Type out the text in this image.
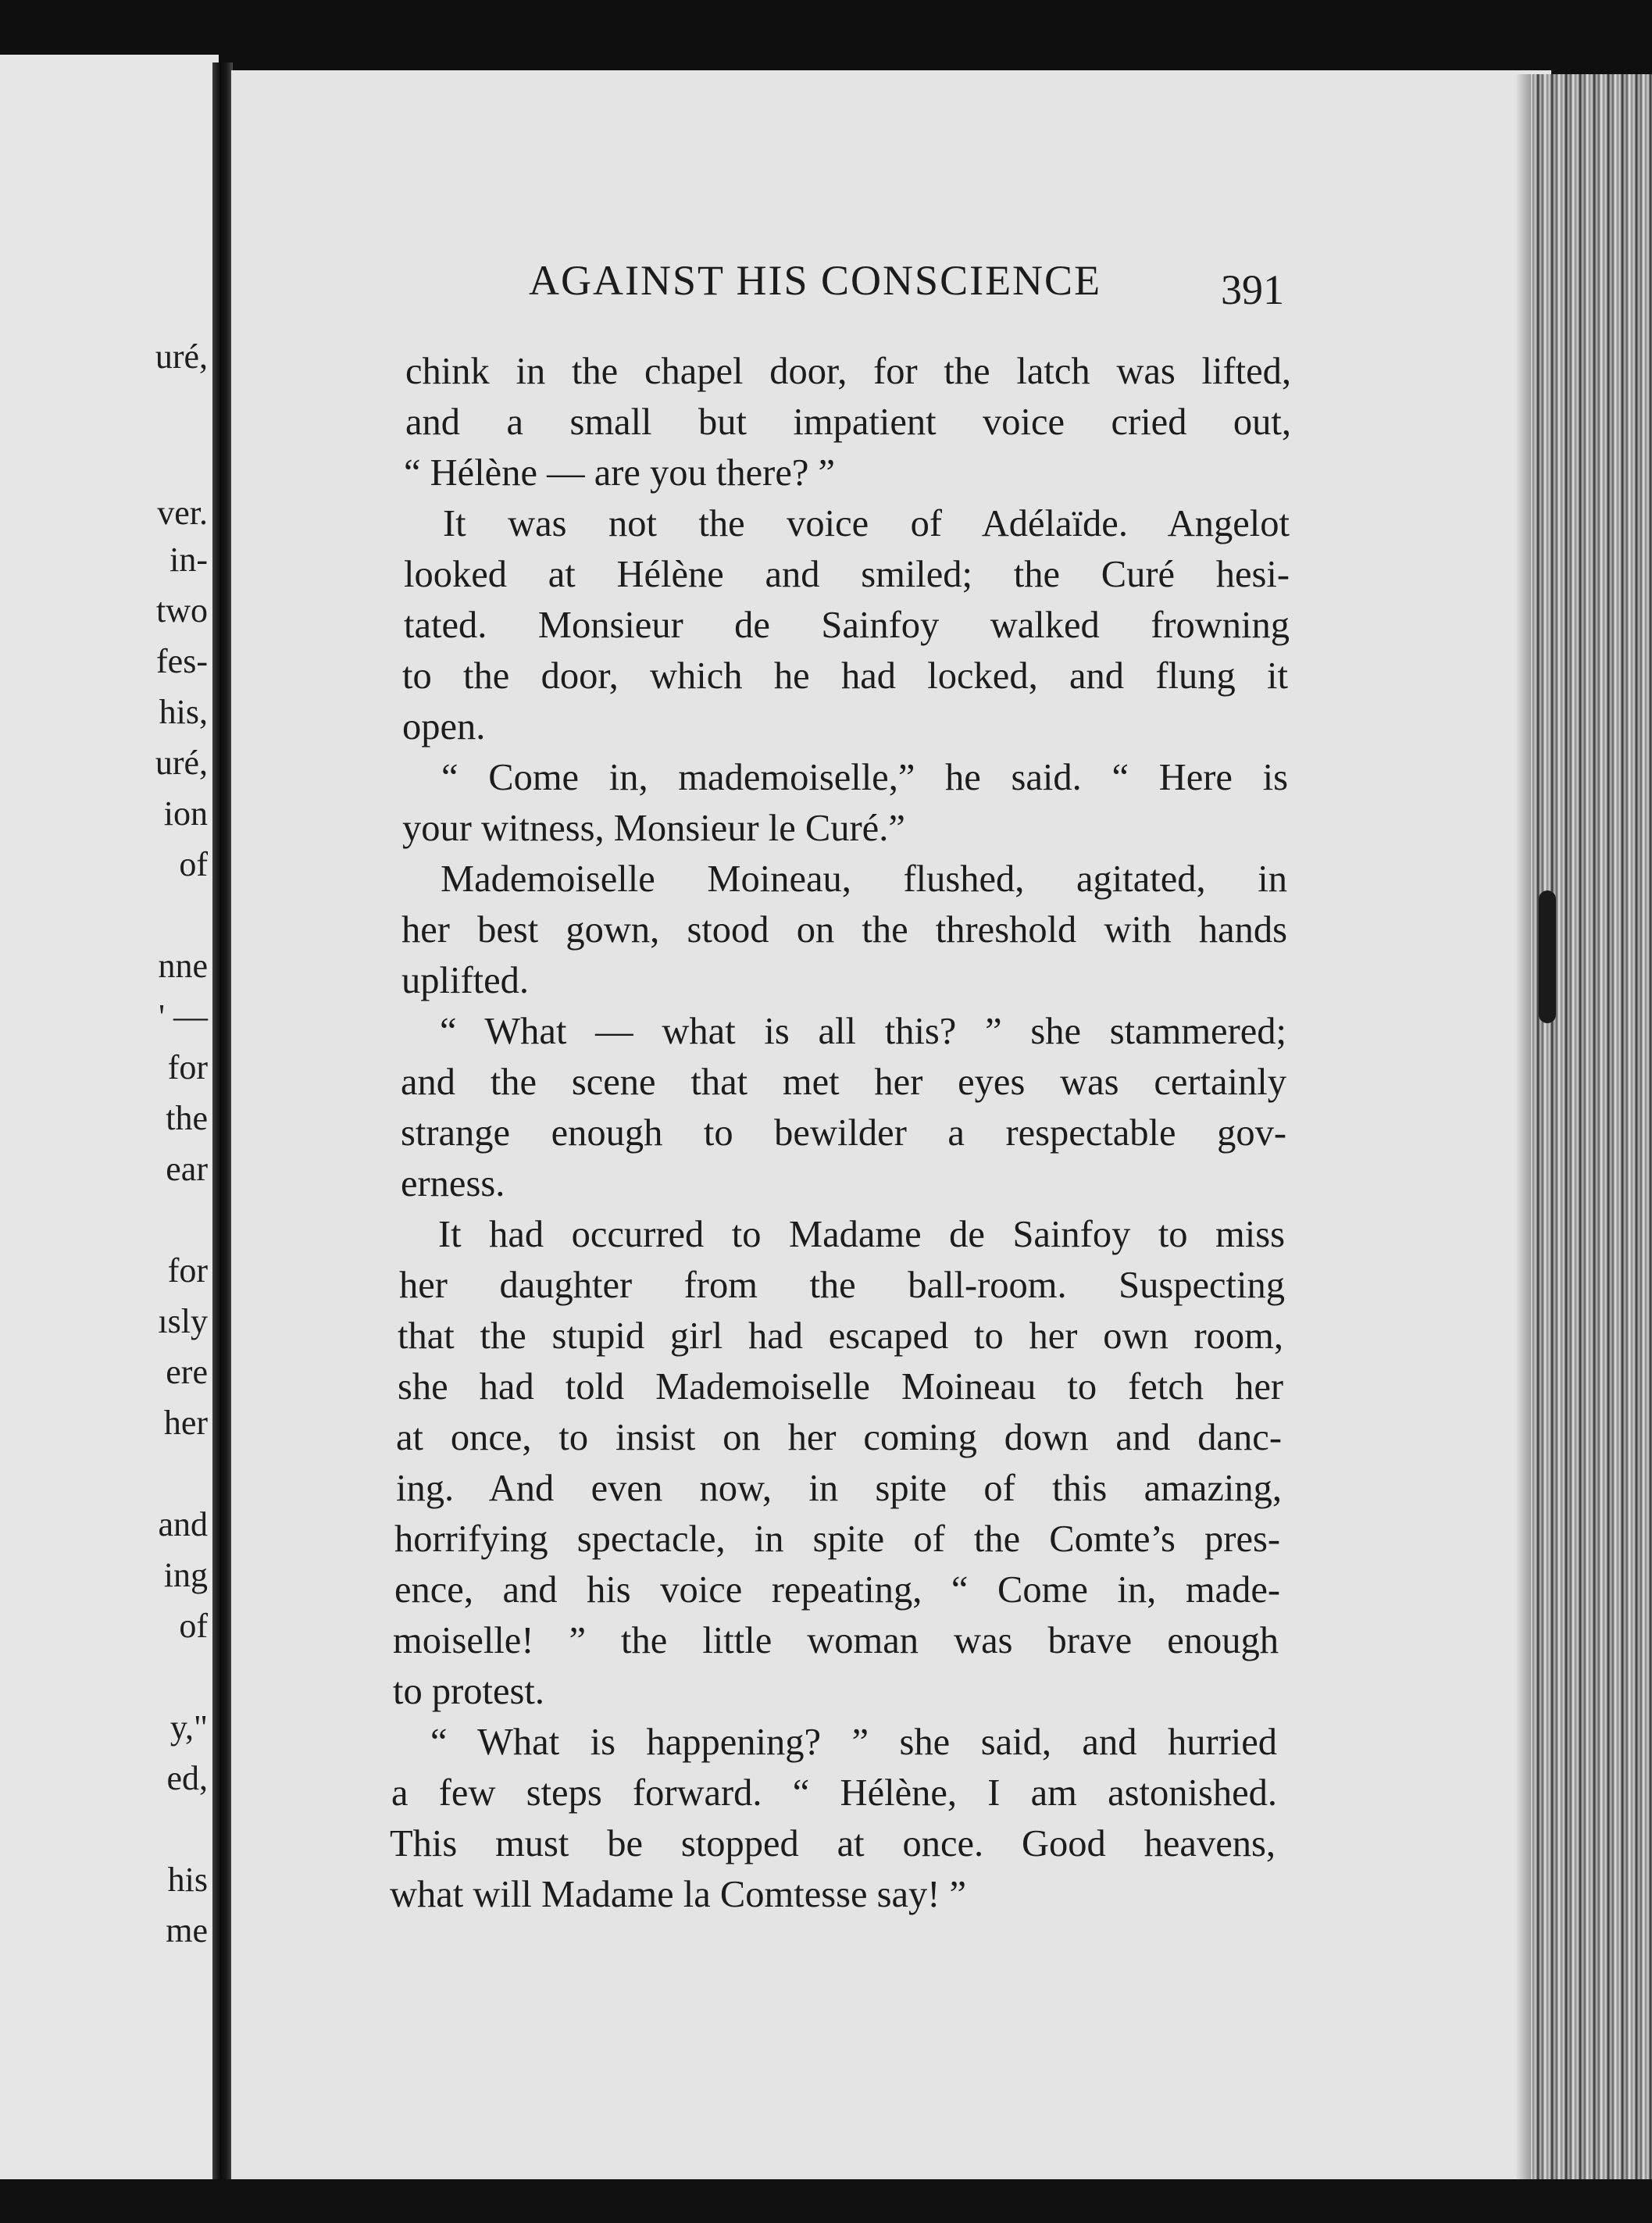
uré,
ver.
in-
two
fes-
his,
uré,
ion
of
nne
' —
for
the
ear
for
ısly
ere
her
and
ing
of
y,"
ed,
his
me
AGAINST HIS CONSCIENCE	391
chink in the chapel door, for the latch was lifted,
and a small but impatient voice cried out,
“ Hélène — are you there? ”
It was not the voice of Adélaïde. Angelot
looked at Hélène and smiled; the Curé hesi-
tated. Monsieur de Sainfoy walked frowning
to the door, which he had locked, and flung it
open.
“ Come in, mademoiselle,” he said. “ Here is
your witness, Monsieur le Curé.”
Mademoiselle Moineau, flushed, agitated, in
her best gown, stood on the threshold with hands
uplifted.
“ What — what is all this? ” she stammered;
and the scene that met her eyes was certainly
strange enough to bewilder a respectable gov-
erness.
It had occurred to Madame de Sainfoy to miss
her daughter from the ball-room. Suspecting
that the stupid girl had escaped to her own room,
she had told Mademoiselle Moineau to fetch her
at once, to insist on her coming down and danc-
ing. And even now, in spite of this amazing,
horrifying spectacle, in spite of the Comte’s pres-
ence, and his voice repeating, “ Come in, made-
moiselle! ” the little woman was brave enough
to protest.
“ What is happening? ” she said, and hurried
a few steps forward. “ Hélène, I am astonished.
This must be stopped at once. Good heavens,
what will Madame la Comtesse say! ”
